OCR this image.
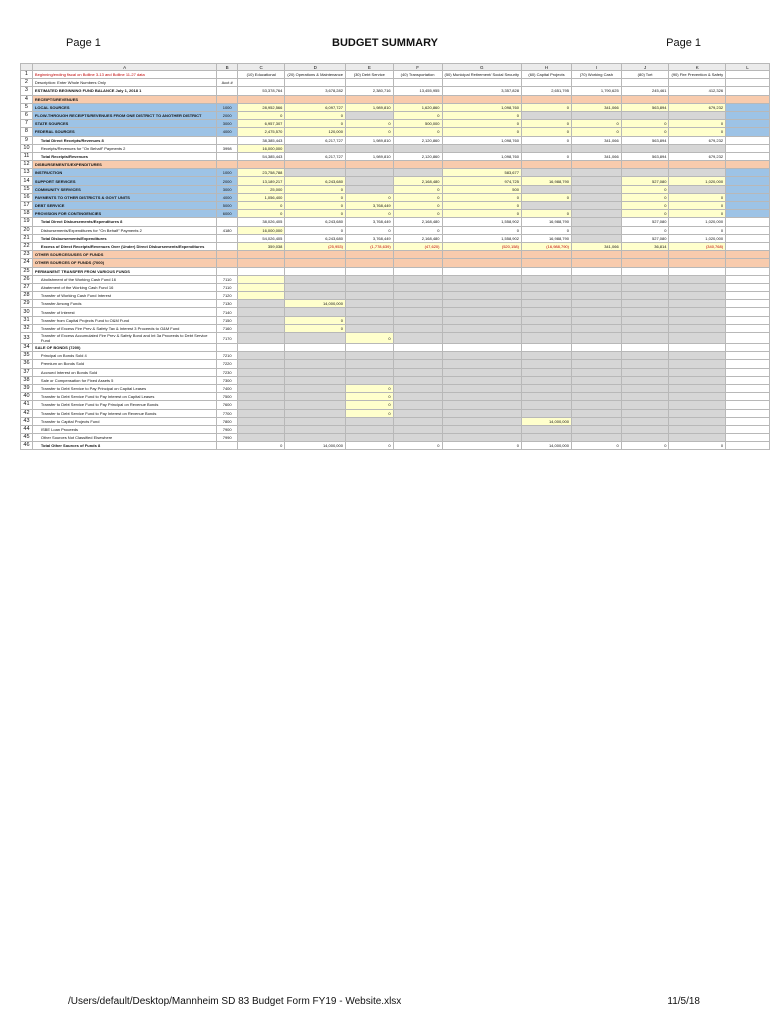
BUDGET SUMMARY
Page 1	Page 1
	A	B	C	D	E	F	G	H	I	J	K	L
1	Beginning/ending fiscal on Bolline 3-13 and Bolline 11-27 data		(10) Educational	(20) Operations & Maintenance	(30) Debt Service	(40) Transportation	(50) Municipal Retirement/ Social Security	(60) Capital Projects	(70) Working Cash	(80) Tort	(90) Fire Prevention & Safety	
2	Description: Enter Whole Numbers Only	Acct #										
3	ESTIMATED BEGINNING FUND BALANCE July 1, 2018 1		53,378,764	3,678,282	2,380,716	13,455,955	3,357,828	2,651,795	1,790,625	245,461	412,326	
4	RECEIPTS/REVENUES											
5	LOCAL SOURCES	1000	28,952,566	6,097,727	1,989,810	1,620,860	1,098,760	0	341,066	563,894	679,232	
6	FLOW-THROUGH RECEIPTS/REVENUES FROM ONE DISTRICT TO ANOTHER DISTRICT	2000	0	0		0	0					
7	STATE SOURCES	3000	6,957,307	0	0	500,000	0	0	0	0	0	
8	FEDERAL SOURCES	4000	2,475,570	120,000	0	0	0	0	0	0	0	
9	Total Direct Receipts/Revenues 8		38,385,443	6,217,727	1,989,810	2,120,860	1,098,760	0	341,066	563,894	679,232	
10	Receipts/Revenues for "On Behalf" Payments 2	3998	16,000,000									
11	Total Receipts/Revenues		54,385,443	6,217,727	1,989,810	2,120,860	1,098,760	0	341,066	563,894	679,232	
12	DISBURSEMENTS/EXPENDITURES											
13	INSTRUCTION	1000	23,758,788				583,677					
14	SUPPORT SERVICES	2000	13,189,217	6,243,680		2,168,480	974,725	16,988,790		527,080	1,020,000	
15	COMMUNITY SERVICES	3000	25,000	0		0	500			0		
16	PAYMENTS TO OTHER DISTRICTS & GOVT UNITS	4000	1,056,400	0	0	0	0	0		0	0	
17	DEBT SERVICE	5000	0	0	3,768,449	0	0			0	0	
18	PROVISION FOR CONTINGENCIES	6000	0	0	0	0	0	0		0	0	
19	Total Direct Disbursements/Expenditures 8		38,026,405	6,243,680	3,768,449	2,168,480	1,558,902	16,988,790		527,080	1,020,000	
20	Disbursements/Expenditures for "On Behalf" Payments 2	4180	16,000,000	0	0	0	0	0		0	0	
21	Total Disbursements/Expenditures		54,026,405	6,243,680	3,768,449	2,168,480	1,558,902	16,988,790		527,080	1,020,000	
22	Excess of Direct Receipts/Revenues Over (Under) Direct Disbursements/Expenditures		359,038	(25,953)	(1,778,639)	(47,620)	(520,158)	(16,988,790)	341,066	36,814	(340,768)	
23	OTHER SOURCES/USES OF FUNDS											
24	OTHER SOURCES OF FUNDS (7000)											
25	PERMANENT TRANSFER FROM VARIOUS FUNDS											
26	Abolishment of the Working Cash Fund 16	7110										
27	Abatement of the Working Cash Fund 16	7110										
28	Transfer of Working Cash Fund Interest	7120										
29	Transfer Among Funds	7130		14,000,000								
30	Transfer of Interest	7140										
31	Transfer from Capital Projects Fund to O&M Fund	7150		0								
32	Transfer of Excess Fire Prev & Safety Tax & Interest 3 Proceeds to O&M Fund	7160		0								
33	Transfer of Excess Accumulated Fire Prev & Safety Bond and Int 3a Proceeds to Debt Service Fund	7170			0							
34	SALE OF BONDS (7200)											
35	Principal on Bonds Sold 4	7210										
36	Premium on Bonds Sold	7220										
37	Accrued Interest on Bonds Sold	7230										
38	Sale or Compensation for Fixed Assets 5	7300										
39	Transfer to Debt Service to Pay Principal on Capital Leases	7400			0							
40	Transfer to Debt Service Fund to Pay Interest on Capital Leases	7500			0							
41	Transfer to Debt Service Fund to Pay Principal on Revenue Bonds	7600			0							
42	Transfer to Debt Service Fund to Pay Interest on Revenue Bonds	7700			0							
43	Transfer to Capital Projects Fund	7800						14,000,000				
44	ISBE Loan Proceeds	7900										
45	Other Sources Not Classified Elsewhere	7990										
46	Total Other Sources of Funds 8		0	14,000,000	0	0	0	14,000,000	0	0	0	
/Users/default/Desktop/Mannheim SD 83 Budget Form FY19 - Website.xlsx	11/5/18
